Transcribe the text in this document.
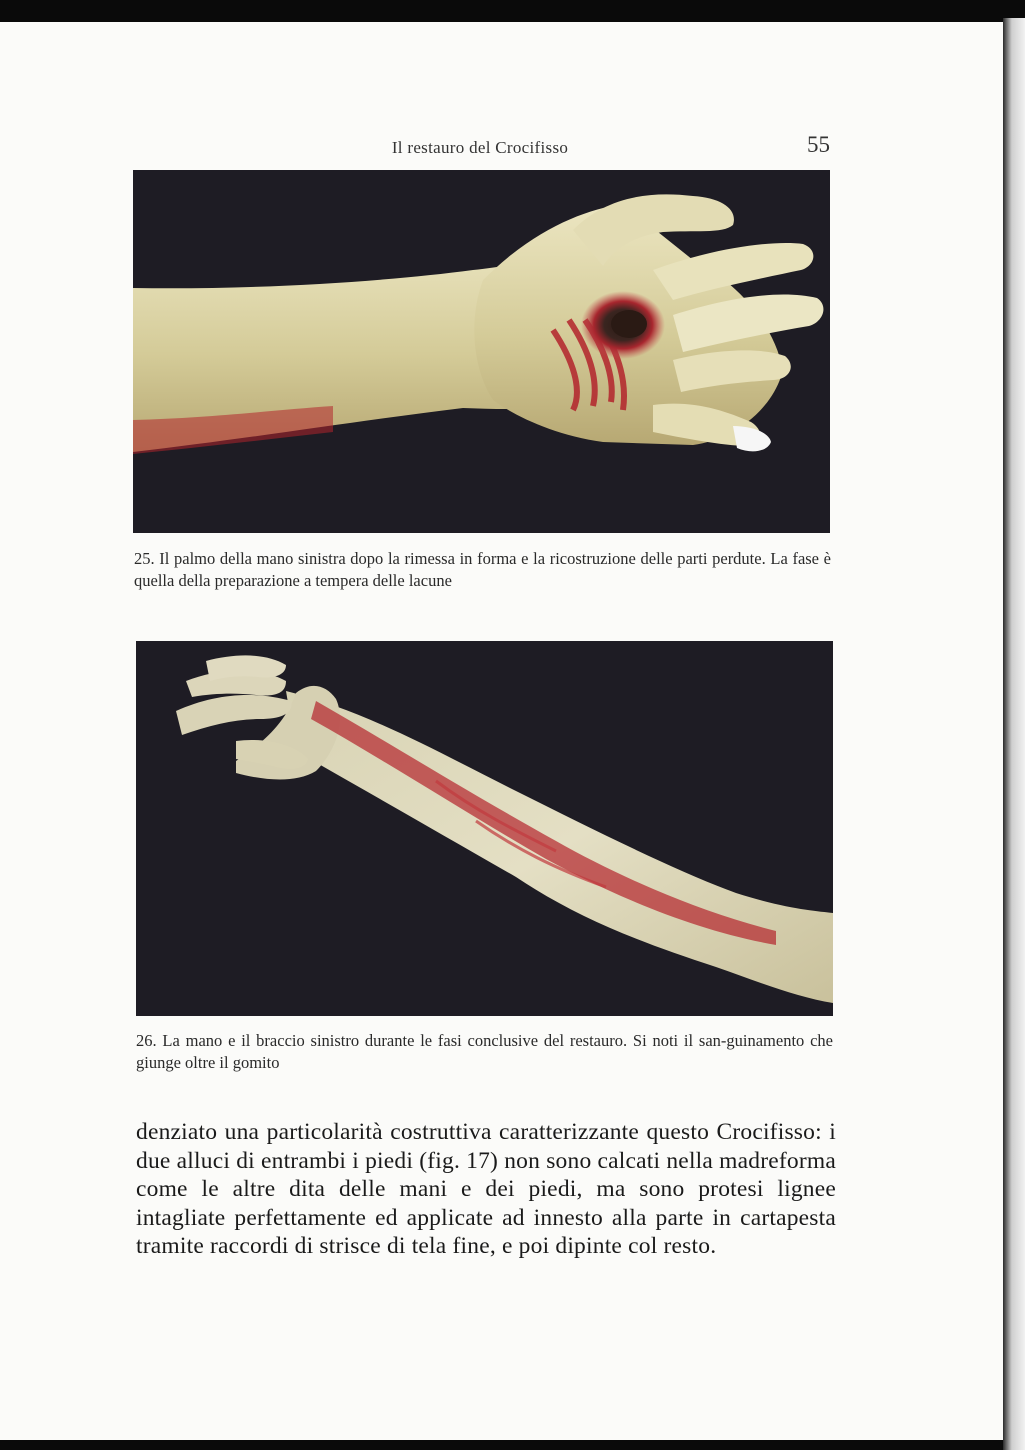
Il restauro del Crocifisso	55
25. Il palmo della mano sinistra dopo la rimessa in forma e la ricostruzione delle parti perdute. La fase è quella della preparazione a tempera delle lacune
26. La mano e il braccio sinistro durante le fasi conclusive del restauro. Si noti il san-guinamento che giunge oltre il gomito
denziato una particolarità costruttiva caratterizzante questo Crocifisso: i due alluci di entrambi i piedi (fig. 17) non sono calcati nella madreforma come le altre dita delle mani e dei piedi, ma sono protesi lignee intagliate perfettamente ed applicate ad innesto alla parte in cartapesta tramite raccordi di strisce di tela fine, e poi dipinte col resto.
